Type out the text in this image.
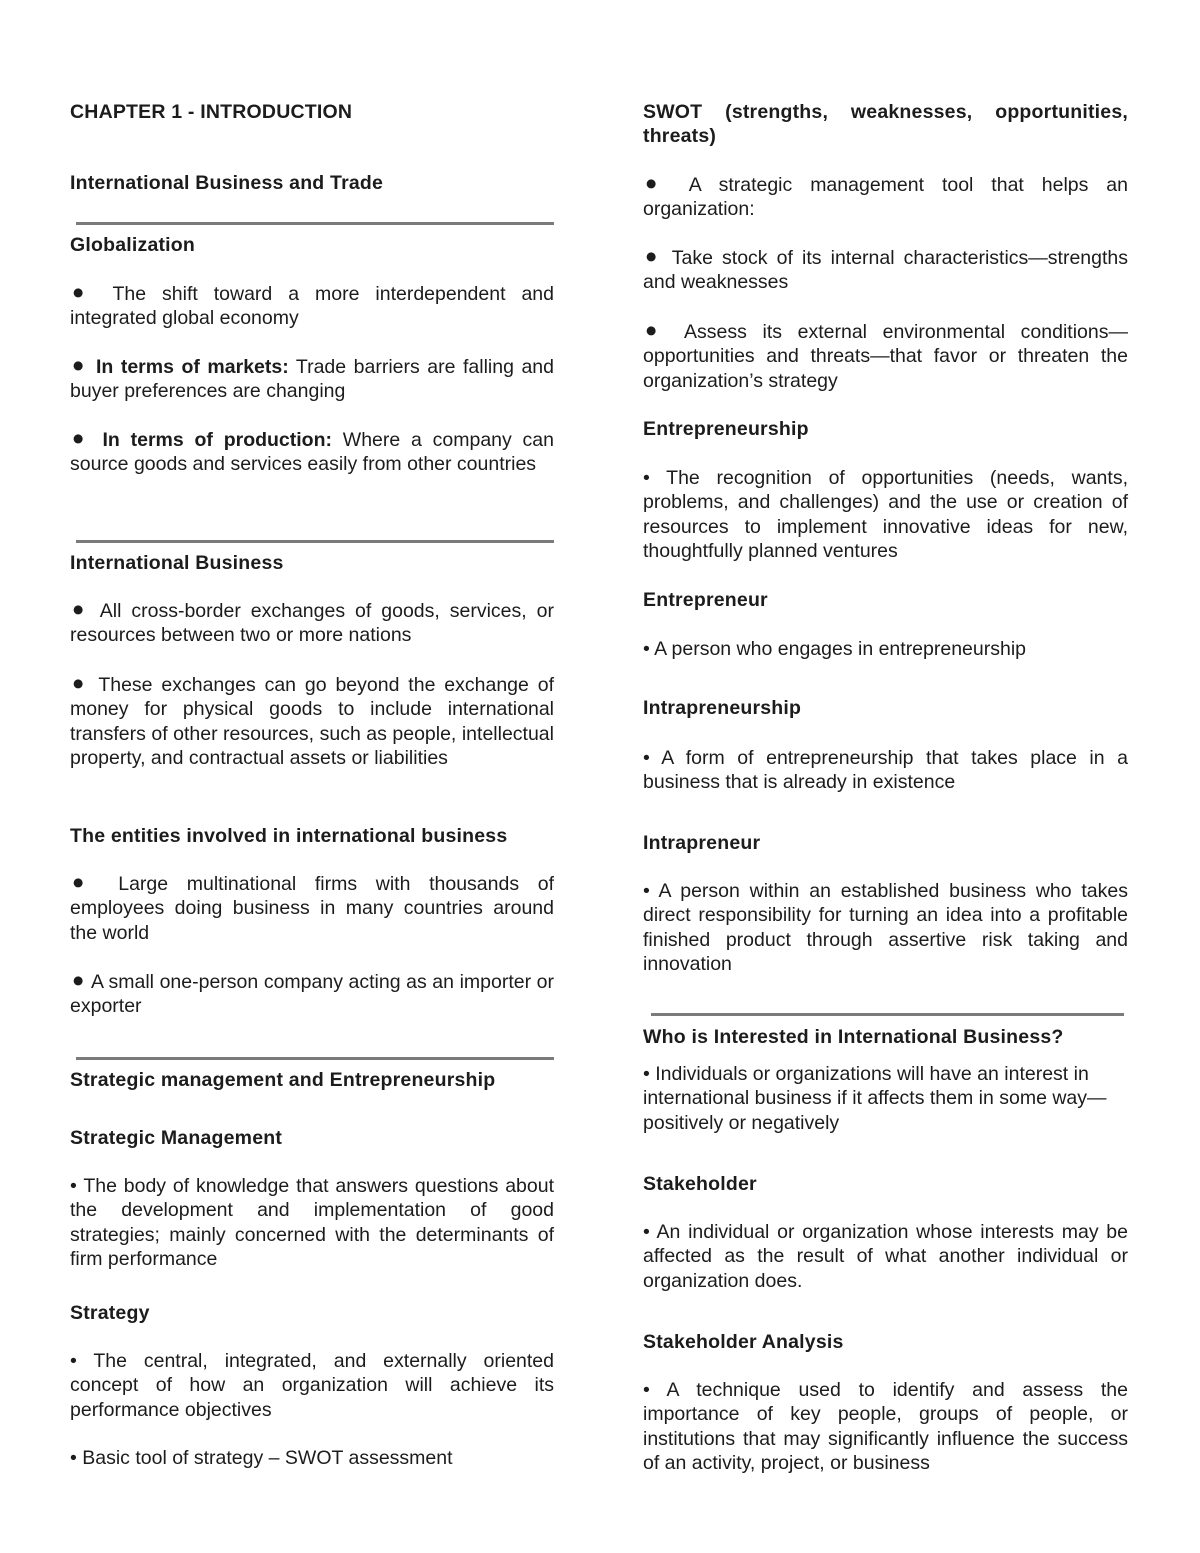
CHAPTER 1 - INTRODUCTION
International Business and Trade
Globalization
⚫ The shift toward a more interdependent and integrated global economy
⚫ In terms of markets: Trade barriers are falling and buyer preferences are changing
⚫ In terms of production: Where a company can source goods and services easily from other countries
International Business
⚫ All cross-border exchanges of goods, services, or resources between two or more nations
⚫ These exchanges can go beyond the exchange of money for physical goods to include international transfers of other resources, such as people, intellectual property, and contractual assets or liabilities
The entities involved in international business
⚫ Large multinational firms with thousands of employees doing business in many countries around the world
⚫ A small one-person company acting as an importer or exporter
Strategic management and Entrepreneurship
Strategic Management
• The body of knowledge that answers questions about the development and implementation of good strategies; mainly concerned with the determinants of firm performance
Strategy
• The central, integrated, and externally oriented concept of how an organization will achieve its performance objectives
• Basic tool of strategy – SWOT assessment
SWOT (strengths, weaknesses, opportunities, threats)
⚫ A strategic management tool that helps an organization:
⚫ Take stock of its internal characteristics—strengths and weaknesses
⚫ Assess its external environmental conditions—opportunities and threats—that favor or threaten the organization’s strategy
Entrepreneurship
• The recognition of opportunities (needs, wants, problems, and challenges) and the use or creation of resources to implement innovative ideas for new, thoughtfully planned ventures
Entrepreneur
• A person who engages in entrepreneurship
Intrapreneurship
• A form of entrepreneurship that takes place in a business that is already in existence
Intrapreneur
• A person within an established business who takes direct responsibility for turning an idea into a profitable finished product through assertive risk taking and innovation
Who is Interested in International Business?
• Individuals or organizations will have an interest in international business if it affects them in some way—positively or negatively
Stakeholder
• An individual or organization whose interests may be affected as the result of what another individual or organization does.
Stakeholder Analysis
• A technique used to identify and assess the importance of key people, groups of people, or institutions that may significantly influence the success of an activity, project, or business
